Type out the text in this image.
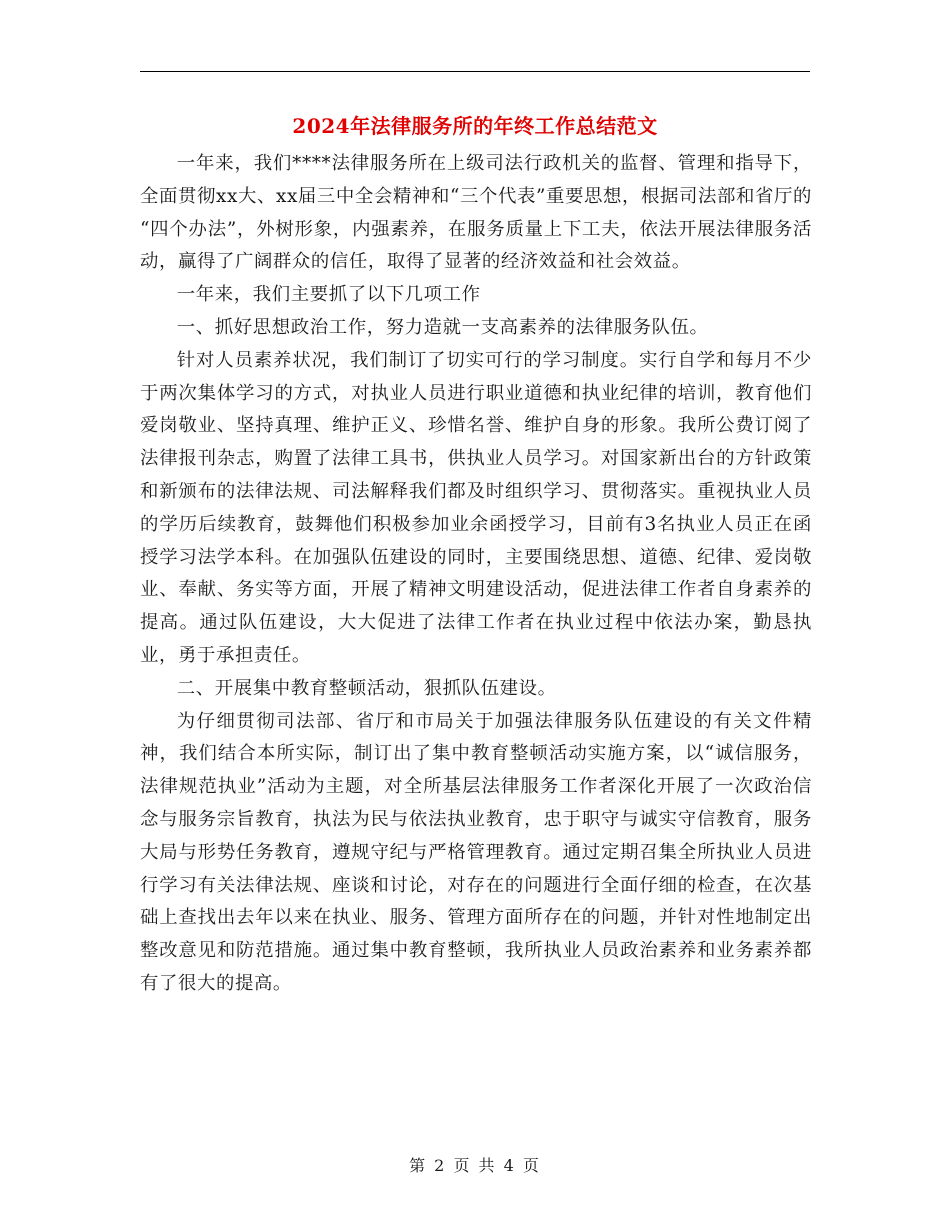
2024年法律服务所的年终工作总结范文

一年来，我们****法律服务所在上级司法行政机关的监督、管理和指导下，全面贯彻xx大、xx届三中全会精神和“三个代表”重要思想，根据司法部和省厅的 “四个办法”，外树形象，内强素养，在服务质量上下工夫，依法开展法律服务活动，赢得了广阔群众的信任，取得了显著的经济效益和社会效益。

一年来，我们主要抓了以下几项工作

一、抓好思想政治工作，努力造就一支高素养的法律服务队伍。

针对人员素养状况，我们制订了切实可行的学习制度。实行自学和每月不少于两次集体学习的方式，对执业人员进行职业道德和执业纪律的培训，教育他们爱岗敬业、坚持真理、维护正义、珍惜名誉、维护自身的形象。我所公费订阅了法律报刊杂志，购置了法律工具书，供执业人员学习。对国家新出台的方针政策和新颁布的法律法规、司法解释我们都及时组织学习、贯彻落实。重视执业人员的学历后续教育，鼓舞他们积极参加业余函授学习，目前有3名执业人员正在函授学习法学本科。在加强队伍建设的同时，主要围绕思想、道德、纪律、爱岗敬业、奉献、务实等方面，开展了精神文明建设活动，促进法律工作者自身素养的提高。通过队伍建设，大大促进了法律工作者在执业过程中依法办案，勤恳执业，勇于承担责任。

二、开展集中教育整顿活动，狠抓队伍建设。

为仔细贯彻司法部、省厅和市局关于加强法律服务队伍建设的有关文件精神，我们结合本所实际，制订出了集中教育整顿活动实施方案，以“诚信服务，法律规范执业”活动为主题，对全所基层法律服务工作者深化开展了一次政治信念与服务宗旨教育，执法为民与依法执业教育，忠于职守与诚实守信教育，服务大局与形势任务教育，遵规守纪与严格管理教育。通过定期召集全所执业人员进行学习有关法律法规、座谈和讨论，对存在的问题进行全面仔细的检查，在次基础上查找出去年以来在执业、服务、管理方面所存在的问题，并针对性地制定出整改意见和防范措施。通过集中教育整顿，我所执业人员政治素养和业务素养都有了很大的提高。

第 2 页 共 4 页
